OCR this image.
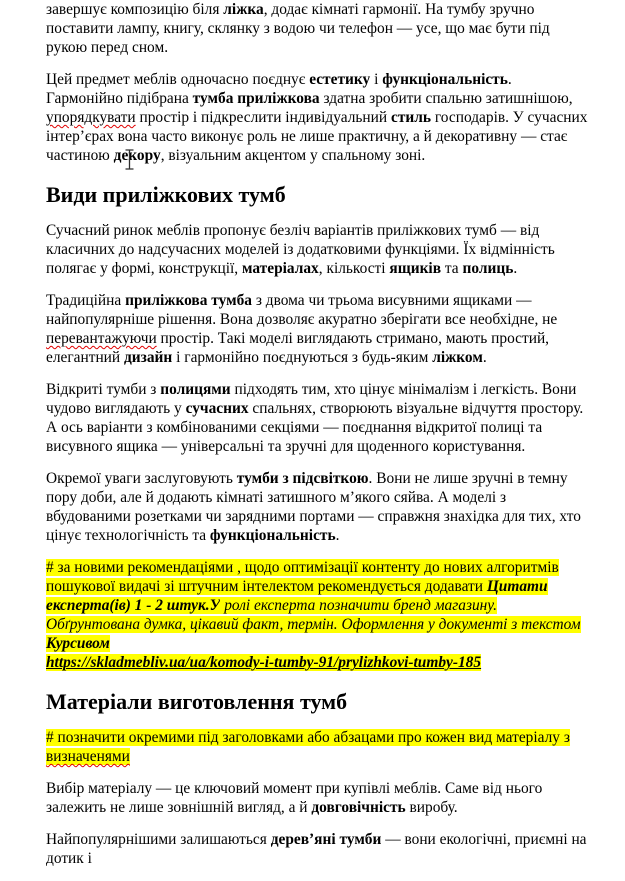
завершує композицію біля ліжка, додає кімнаті гармонії. На тумбу зручно поставити лампу, книгу, склянку з водою чи телефон — усе, що має бути під рукою перед сном.

Цей предмет меблів одночасно поєднує естетику і функціональність. Гармонійно підібрана тумба приліжкова здатна зробити спальню затишнішою, упорядкувати простір і підкреслити індивідуальний стиль господарів. У сучасних інтер’єрах вона часто виконує роль не лише практичну, а й декоративну — стає частиною декору, візуальним акцентом у спальному зоні.

Види приліжкових тумб

Сучасний ринок меблів пропонує безліч варіантів приліжкових тумб — від класичних до надсучасних моделей із додатковими функціями. Їх відмінність полягає у формі, конструкції, матеріалах, кількості ящиків та полиць.

Традиційна приліжкова тумба з двома чи трьома висувними ящиками — найпопулярніше рішення. Вона дозволяє акуратно зберігати все необхідне, не перевантажуючи простір. Такі моделі виглядають стримано, мають простий, елегантний дизайн і гармонійно поєднуються з будь-яким ліжком.

Відкриті тумби з полицями підходять тим, хто цінує мінімалізм і легкість. Вони чудово виглядають у сучасних спальнях, створюють візуальне відчуття простору. А ось варіанти з комбінованими секціями — поєднання відкритої полиці та висувного ящика — універсальні та зручні для щоденного користування.

Окремої уваги заслуговують тумби з підсвіткою. Вони не лише зручні в темну пору доби, але й додають кімнаті затишного м’якого сяйва. А моделі з вбудованими розетками чи зарядними портами — справжня знахідка для тих, хто цінує технологічність та функціональність.

# за новими рекомендаціями , щодо оптимізації контенту до нових алгоритмів пошукової видачі зі штучним інтелектом рекомендується додавати Цитати експерта(ів) 1 - 2 штук.У ролі експерта позначити бренд магазину. Обґрунтована думка, цікавий факт, термін. Оформлення у документі з текстом Курсивом
https://skladmebliv.ua/ua/komody-i-tumby-91/prylizhkovi-tumby-185

Матеріали виготовлення тумб

# позначити окремими під заголовками або абзацами про кожен вид матеріалу з визначенями

Вибір матеріалу — це ключовий момент при купівлі меблів. Саме від нього залежить не лише зовнішній вигляд, а й довговічність виробу.

Найпопулярнішими залишаються дерев’яні тумби — вони екологічні, приємні на дотик і
